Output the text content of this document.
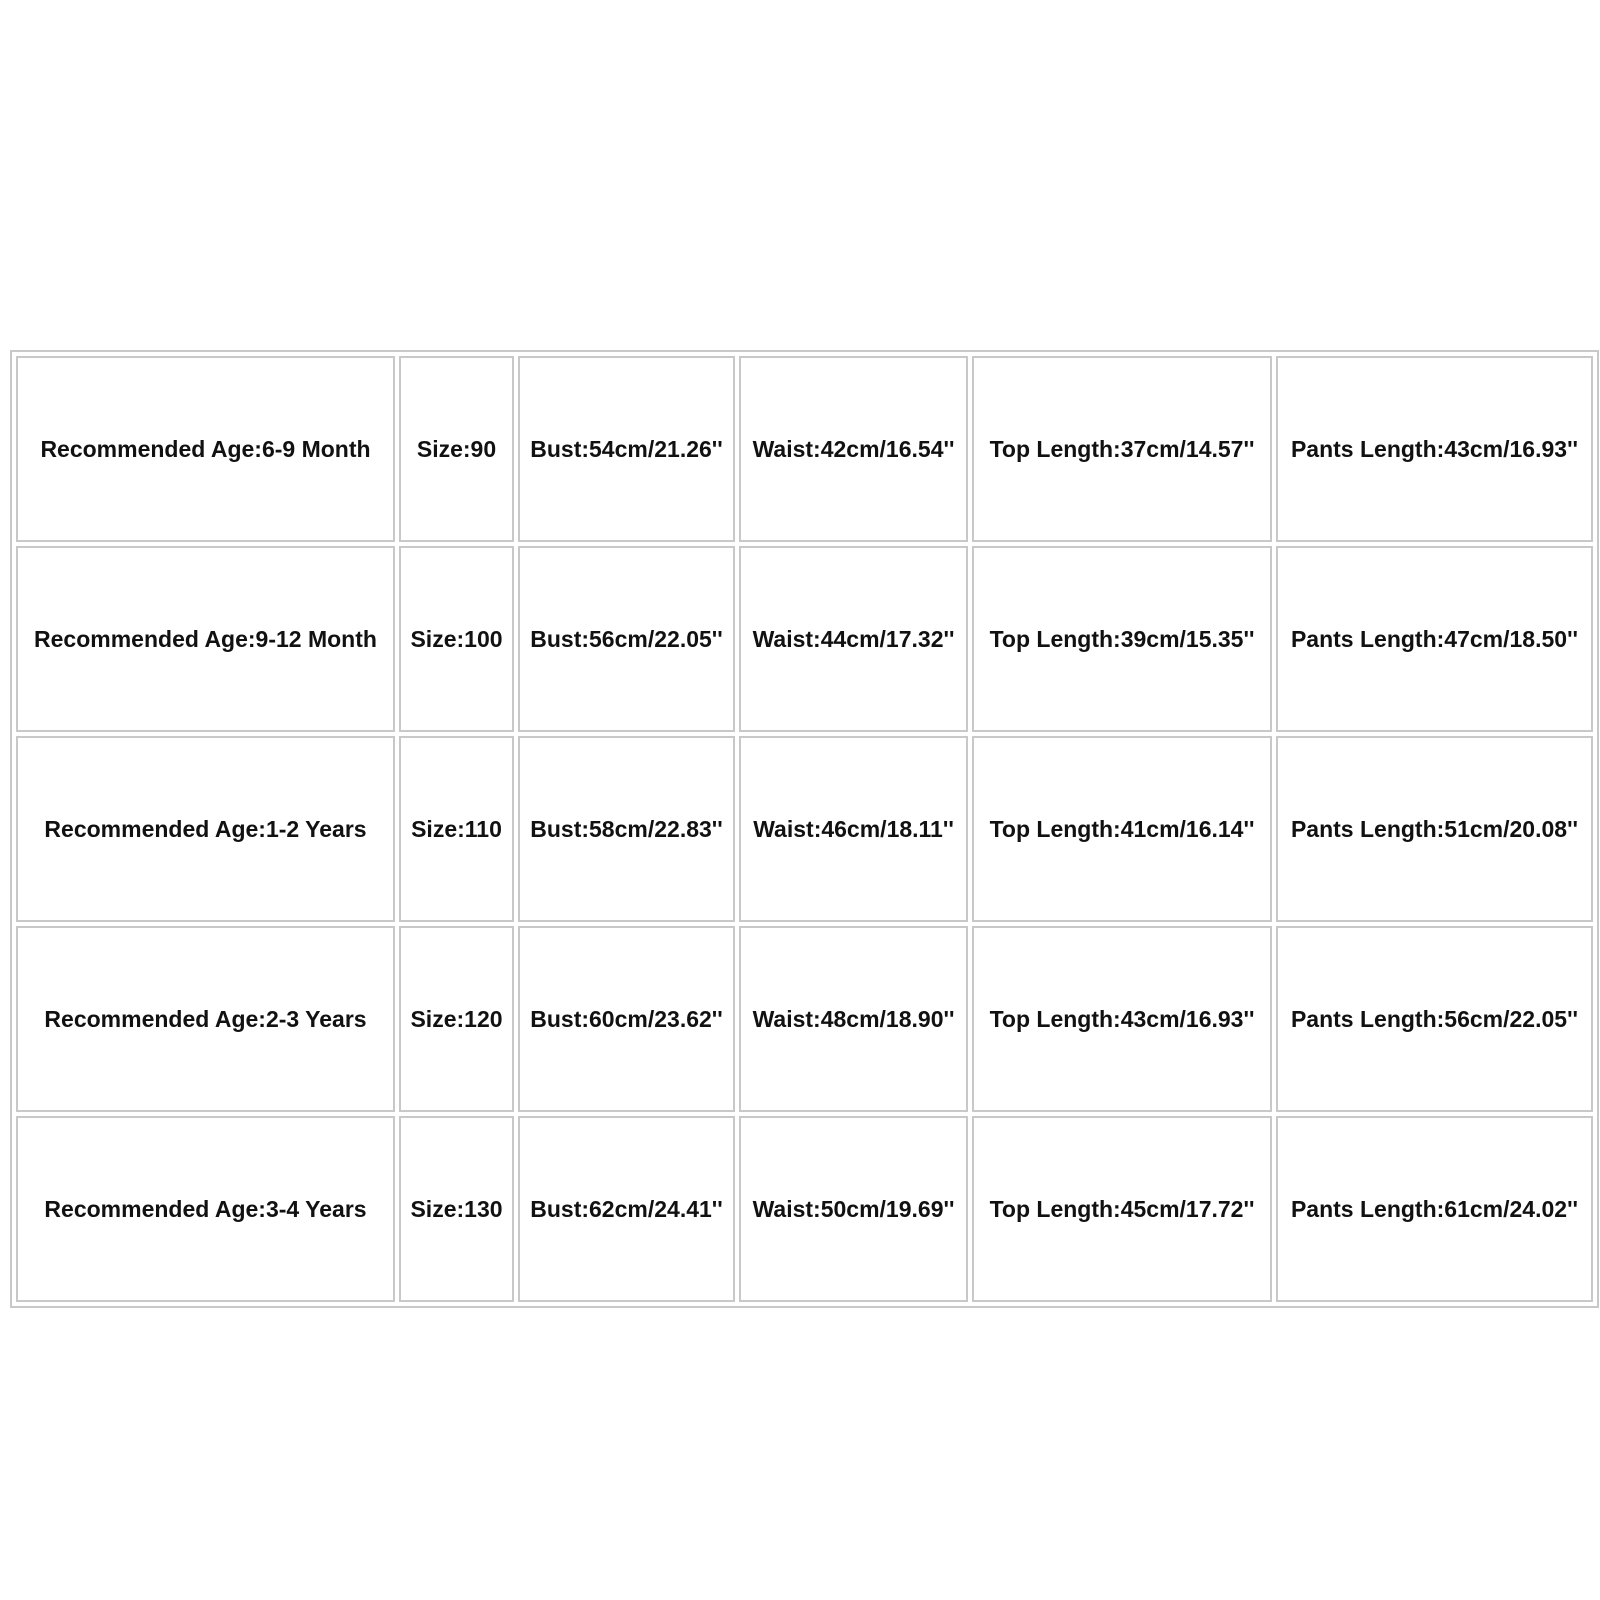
Recommended Age:6-9 Month	Size:90	Bust:54cm/21.26''	Waist:42cm/16.54''	Top Length:37cm/14.57''	Pants Length:43cm/16.93''
Recommended Age:9-12 Month	Size:100	Bust:56cm/22.05''	Waist:44cm/17.32''	Top Length:39cm/15.35''	Pants Length:47cm/18.50''
Recommended Age:1-2 Years	Size:110	Bust:58cm/22.83''	Waist:46cm/18.11''	Top Length:41cm/16.14''	Pants Length:51cm/20.08''
Recommended Age:2-3 Years	Size:120	Bust:60cm/23.62''	Waist:48cm/18.90''	Top Length:43cm/16.93''	Pants Length:56cm/22.05''
Recommended Age:3-4 Years	Size:130	Bust:62cm/24.41''	Waist:50cm/19.69''	Top Length:45cm/17.72''	Pants Length:61cm/24.02''
